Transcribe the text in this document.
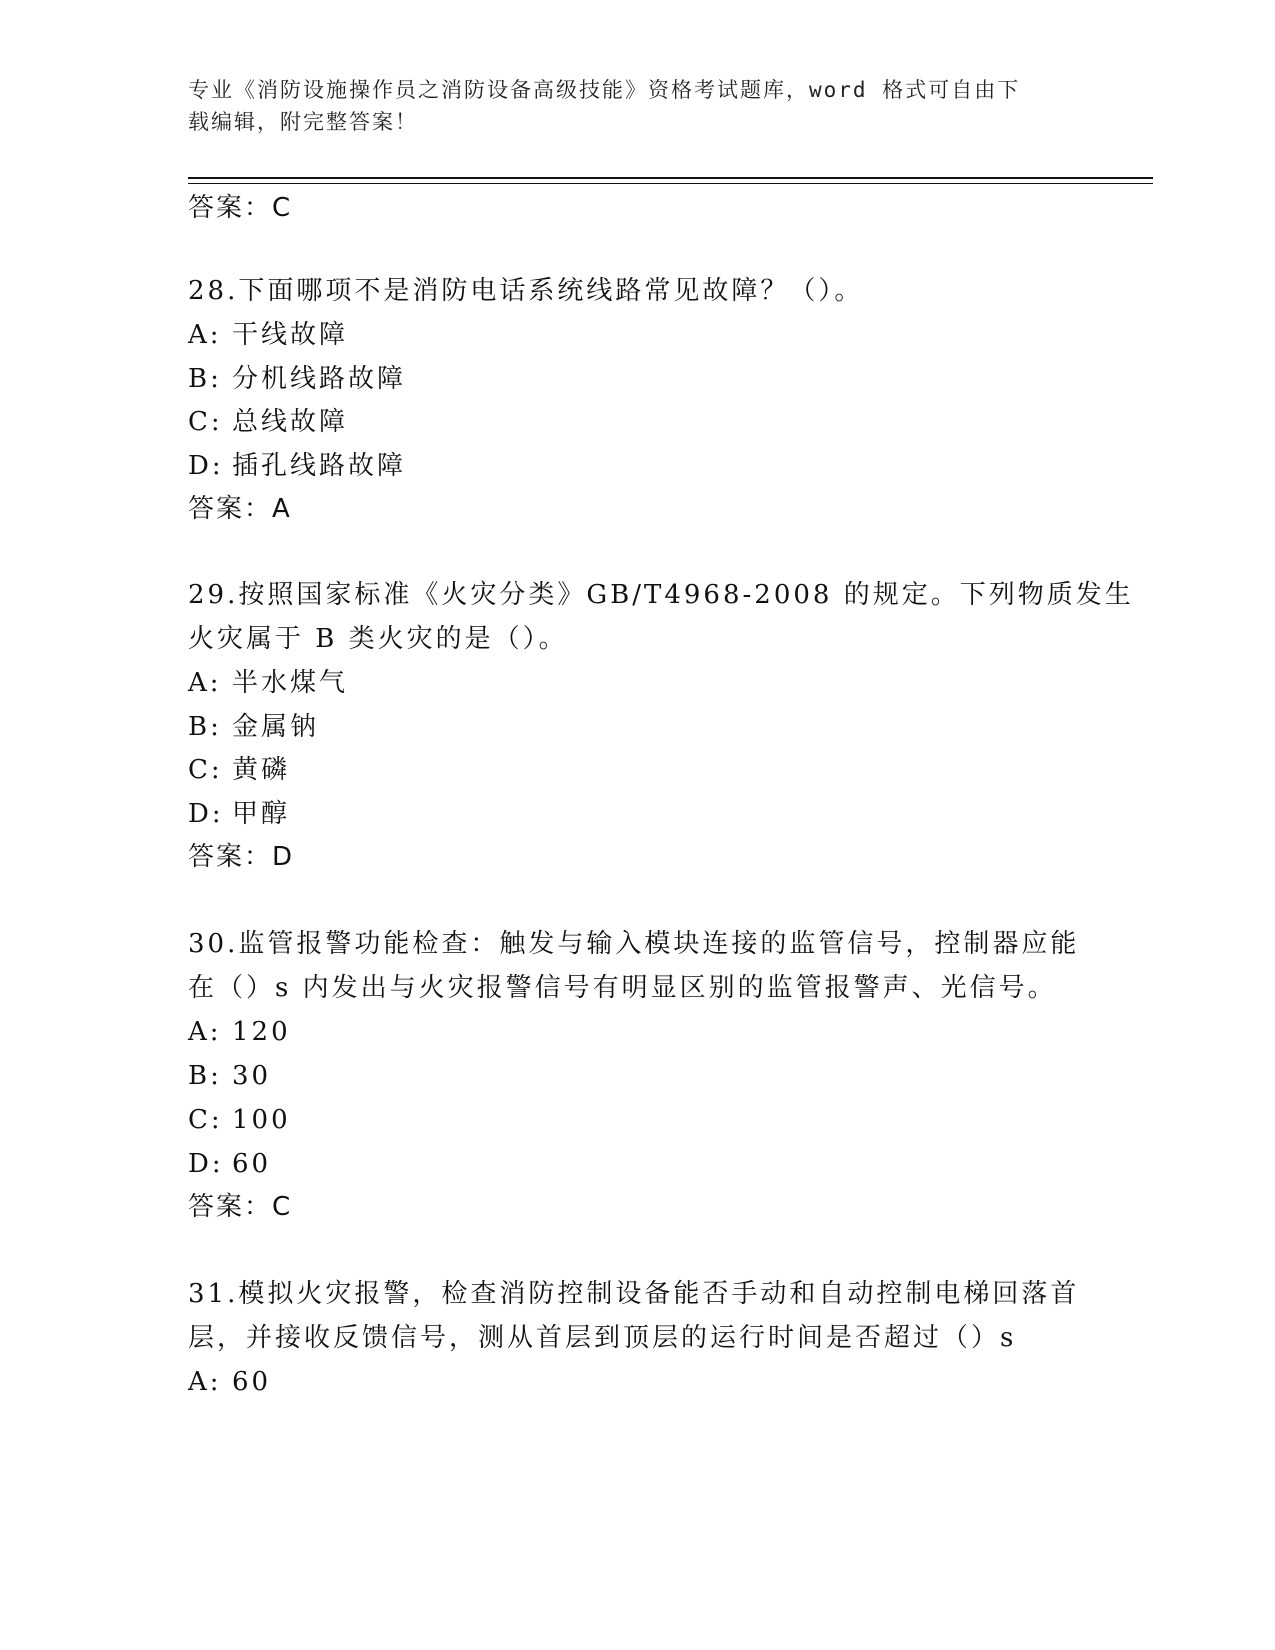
专业《消防设施操作员之消防设备高级技能》资格考试题库，word 格式可自由下
载编辑，附完整答案！
答案：C
28.下面哪项不是消防电话系统线路常见故障？（）。
A: 干线故障
B: 分机线路故障
C: 总线故障
D: 插孔线路故障
答案：A
29.按照国家标准《火灾分类》GB/T4968-2008 的规定。下列物质发生
火灾属于 B 类火灾的是（）。
A: 半水煤气
B: 金属钠
C: 黄磷
D: 甲醇
答案：D
30.监管报警功能检查：触发与输入模块连接的监管信号，控制器应能
在（）s 内发出与火灾报警信号有明显区别的监管报警声、光信号。
A: 120
B: 30
C: 100
D: 60
答案：C
31.模拟火灾报警，检查消防控制设备能否手动和自动控制电梯回落首
层，并接收反馈信号，测从首层到顶层的运行时间是否超过（）s
A: 60
